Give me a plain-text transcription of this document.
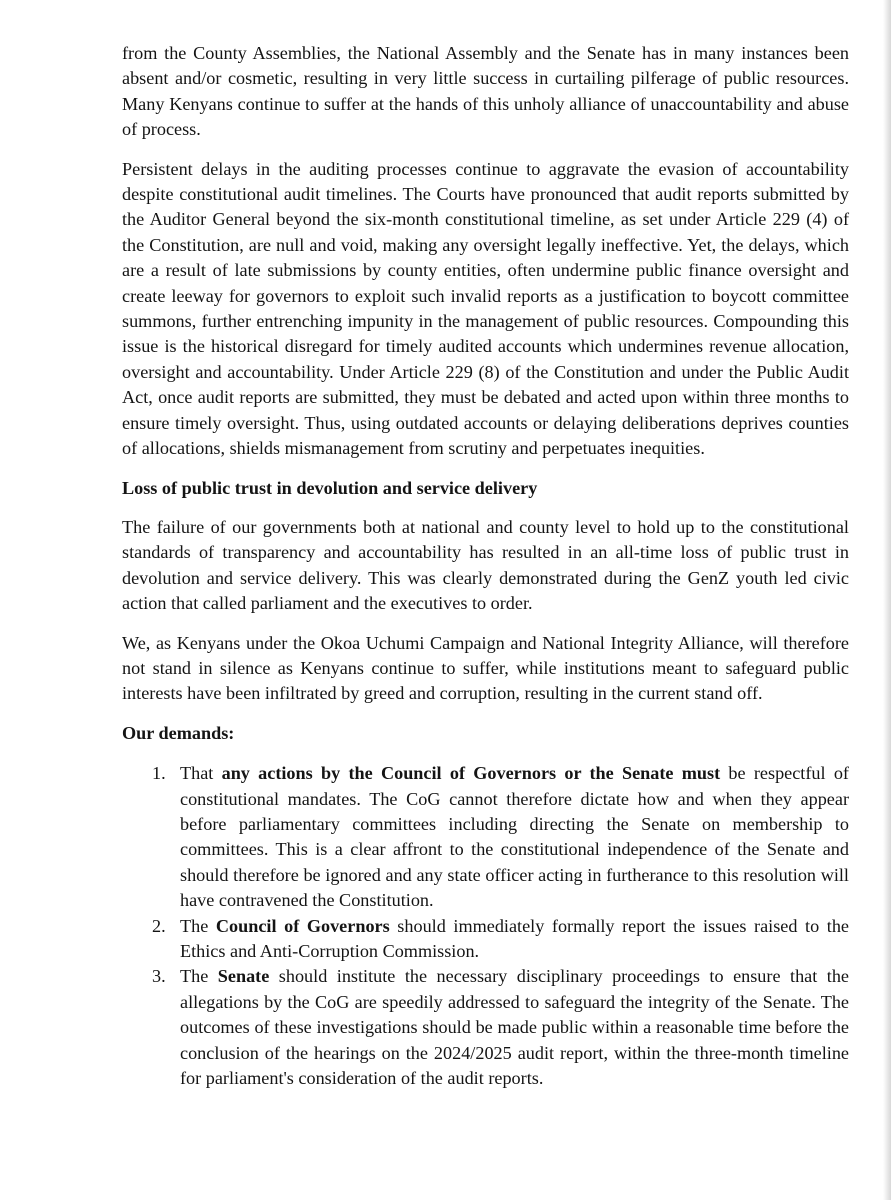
from the County Assemblies, the National Assembly and the Senate has in many instances been absent and/or cosmetic, resulting in very little success in curtailing pilferage of public resources. Many Kenyans continue to suffer at the hands of this unholy alliance of unaccountability and abuse of process.

Persistent delays in the auditing processes continue to aggravate the evasion of accountability despite constitutional audit timelines. The Courts have pronounced that audit reports submitted by the Auditor General beyond the six-month constitutional timeline, as set under Article 229 (4) of the Constitution, are null and void, making any oversight legally ineffective. Yet, the delays, which are a result of late submissions by county entities, often undermine public finance oversight and create leeway for governors to exploit such invalid reports as a justification to boycott committee summons, further entrenching impunity in the management of public resources. Compounding this issue is the historical disregard for timely audited accounts which undermines revenue allocation, oversight and accountability. Under Article 229 (8) of the Constitution and under the Public Audit Act, once audit reports are submitted, they must be debated and acted upon within three months to ensure timely oversight. Thus, using outdated accounts or delaying deliberations deprives counties of allocations, shields mismanagement from scrutiny and perpetuates inequities.

Loss of public trust in devolution and service delivery

The failure of our governments both at national and county level to hold up to the constitutional standards of transparency and accountability has resulted in an all-time loss of public trust in devolution and service delivery. This was clearly demonstrated during the GenZ youth led civic action that called parliament and the executives to order.

We, as Kenyans under the Okoa Uchumi Campaign and National Integrity Alliance, will therefore not stand in silence as Kenyans continue to suffer, while institutions meant to safeguard public interests have been infiltrated by greed and corruption, resulting in the current stand off.

Our demands:

1. That any actions by the Council of Governors or the Senate must be respectful of constitutional mandates. The CoG cannot therefore dictate how and when they appear before parliamentary committees including directing the Senate on membership to committees. This is a clear affront to the constitutional independence of the Senate and should therefore be ignored and any state officer acting in furtherance to this resolution will have contravened the Constitution.
2. The Council of Governors should immediately formally report the issues raised to the Ethics and Anti-Corruption Commission.
3. The Senate should institute the necessary disciplinary proceedings to ensure that the allegations by the CoG are speedily addressed to safeguard the integrity of the Senate. The outcomes of these investigations should be made public within a reasonable time before the conclusion of the hearings on the 2024/2025 audit report, within the three-month timeline for parliament's consideration of the audit reports.
